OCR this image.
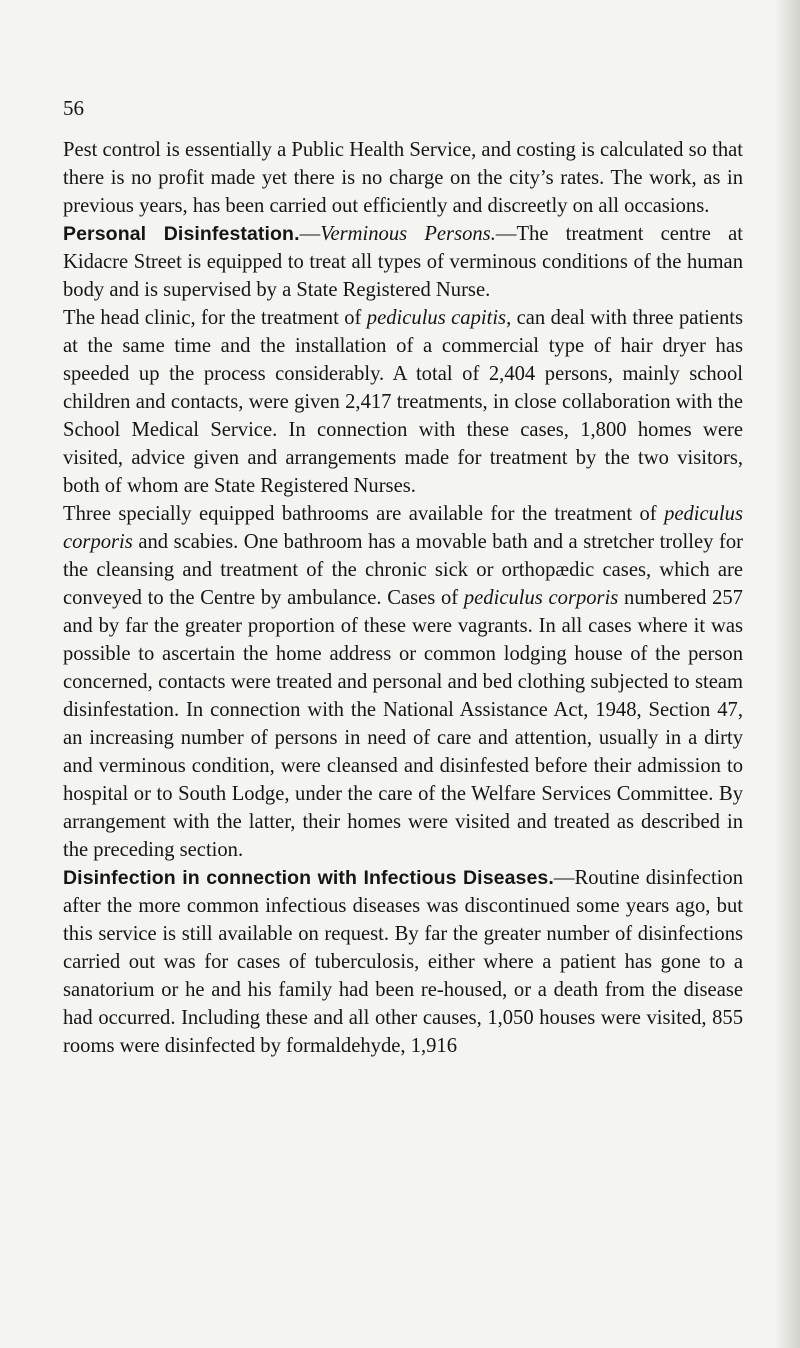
56

Pest control is essentially a Public Health Service, and costing is calculated so that there is no profit made yet there is no charge on the city’s rates. The work, as in previous years, has been carried out efficiently and discreetly on all occasions.

Personal Disinfestation.—Verminous Persons.—The treatment centre at Kidacre Street is equipped to treat all types of verminous conditions of the human body and is supervised by a State Registered Nurse.

The head clinic, for the treatment of pediculus capitis, can deal with three patients at the same time and the installation of a commercial type of hair dryer has speeded up the process considerably. A total of 2,404 persons, mainly school children and contacts, were given 2,417 treatments, in close collaboration with the School Medical Service. In connection with these cases, 1,800 homes were visited, advice given and arrangements made for treatment by the two visitors, both of whom are State Registered Nurses.

Three specially equipped bathrooms are available for the treatment of pediculus corporis and scabies. One bathroom has a movable bath and a stretcher trolley for the cleansing and treatment of the chronic sick or orthopædic cases, which are conveyed to the Centre by ambulance. Cases of pediculus corporis numbered 257 and by far the greater proportion of these were vagrants. In all cases where it was possible to ascertain the home address or common lodging house of the person concerned, contacts were treated and personal and bed clothing subjected to steam disinfestation. In connection with the National Assistance Act, 1948, Section 47, an increasing number of persons in need of care and attention, usually in a dirty and verminous condition, were cleansed and disinfested before their admission to hospital or to South Lodge, under the care of the Welfare Services Committee. By arrangement with the latter, their homes were visited and treated as described in the preceding section.

Disinfection in connection with Infectious Diseases.—Routine disinfection after the more common infectious diseases was discontinued some years ago, but this service is still available on request. By far the greater number of disinfections carried out was for cases of tuberculosis, either where a patient has gone to a sanatorium or he and his family had been re-housed, or a death from the disease had occurred. Including these and all other causes, 1,050 houses were visited, 855 rooms were disinfected by formaldehyde, 1,916
